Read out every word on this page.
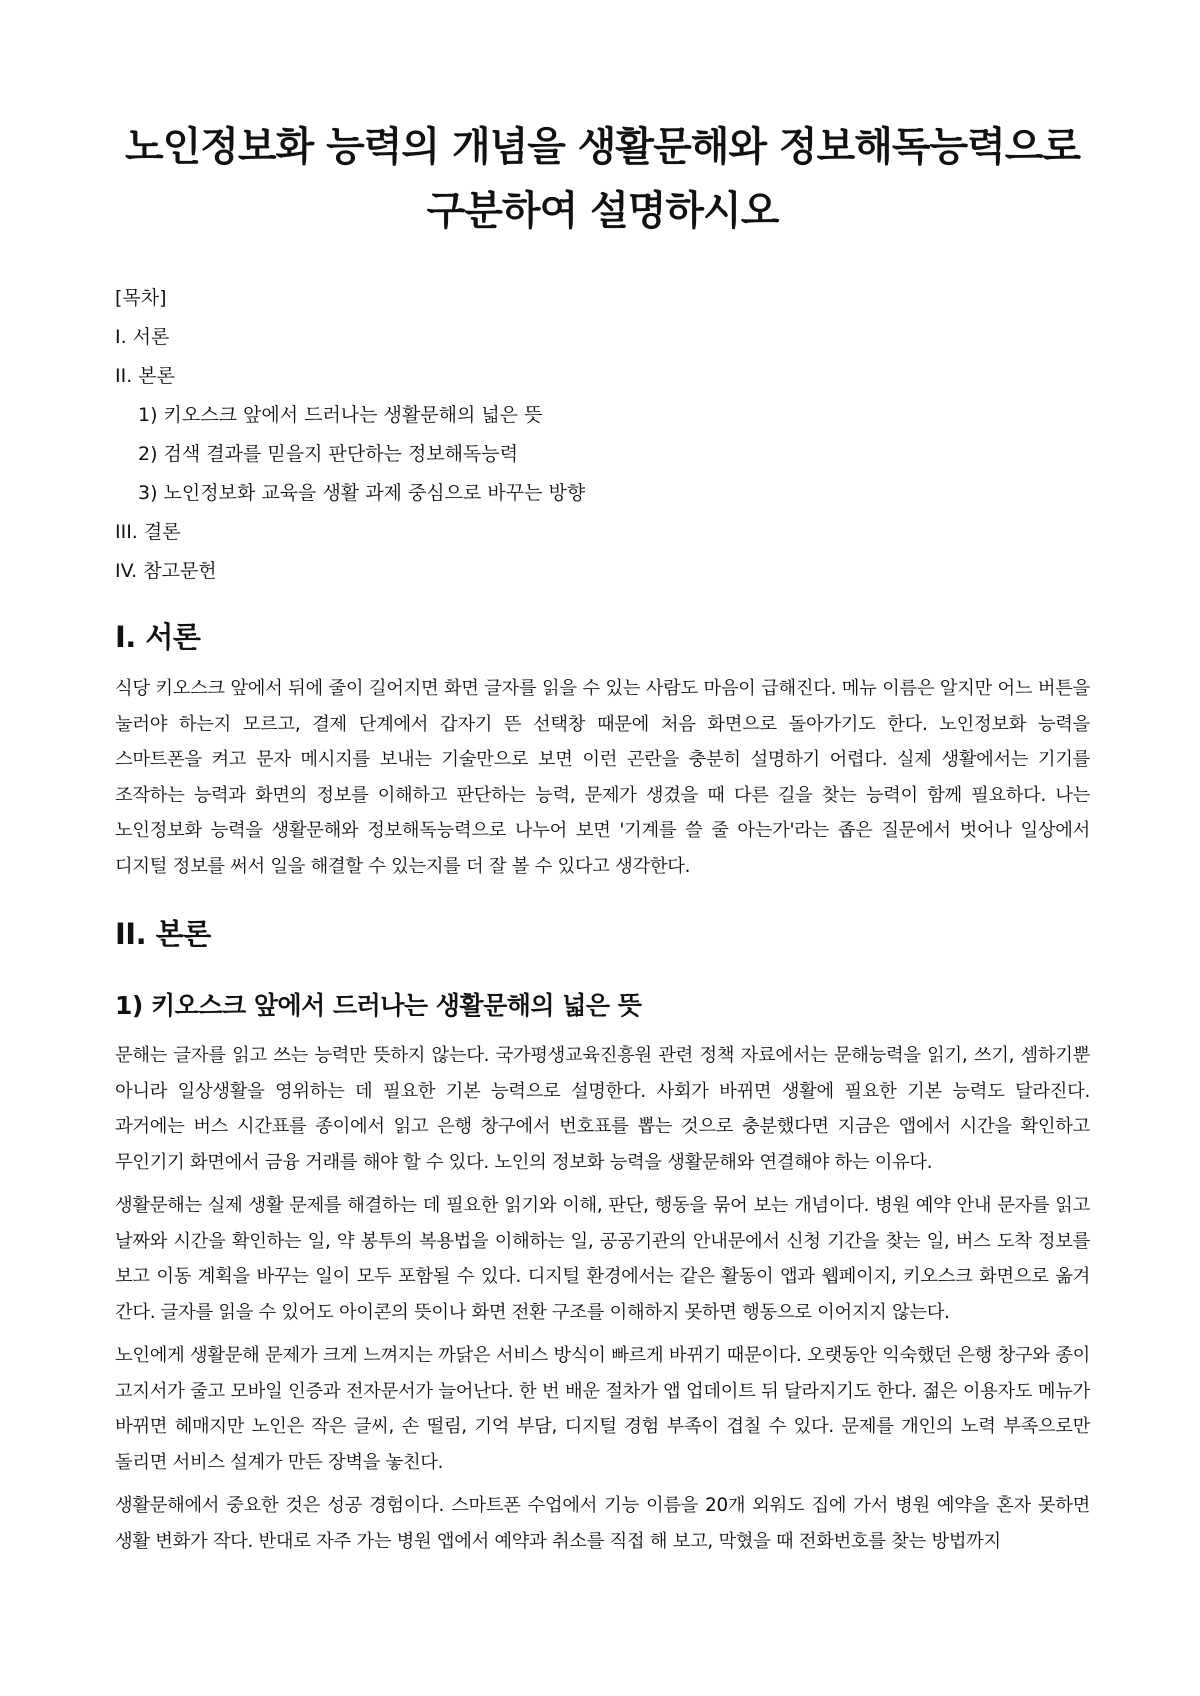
노인정보화 능력의 개념을 생활문해와 정보해독능력으로 구분하여 설명하시오
[목차]
I. 서론
II. 본론
1) 키오스크 앞에서 드러나는 생활문해의 넓은 뜻
2) 검색 결과를 믿을지 판단하는 정보해독능력
3) 노인정보화 교육을 생활 과제 중심으로 바꾸는 방향
III. 결론
IV. 참고문헌
I. 서론

식당 키오스크 앞에서 뒤에 줄이 길어지면 화면 글자를 읽을 수 있는 사람도 마음이 급해진다. 메뉴 이름은 알지만 어느 버튼을 눌러야 하는지 모르고, 결제 단계에서 갑자기 뜬 선택창 때문에 처음 화면으로 돌아가기도 한다. 노인정보화 능력을 스마트폰을 켜고 문자 메시지를 보내는 기술만으로 보면 이런 곤란을 충분히 설명하기 어렵다. 실제 생활에서는 기기를 조작하는 능력과 화면의 정보를 이해하고 판단하는 능력, 문제가 생겼을 때 다른 길을 찾는 능력이 함께 필요하다. 나는 노인정보화 능력을 생활문해와 정보해독능력으로 나누어 보면 '기계를 쓸 줄 아는가'라는 좁은 질문에서 벗어나 일상에서 디지털 정보를 써서 일을 해결할 수 있는지를 더 잘 볼 수 있다고 생각한다.

II. 본론
1) 키오스크 앞에서 드러나는 생활문해의 넓은 뜻

문해는 글자를 읽고 쓰는 능력만 뜻하지 않는다. 국가평생교육진흥원 관련 정책 자료에서는 문해능력을 읽기, 쓰기, 셈하기뿐 아니라 일상생활을 영위하는 데 필요한 기본 능력으로 설명한다. 사회가 바뀌면 생활에 필요한 기본 능력도 달라진다. 과거에는 버스 시간표를 종이에서 읽고 은행 창구에서 번호표를 뽑는 것으로 충분했다면 지금은 앱에서 시간을 확인하고 무인기기 화면에서 금융 거래를 해야 할 수 있다. 노인의 정보화 능력을 생활문해와 연결해야 하는 이유다.

생활문해는 실제 생활 문제를 해결하는 데 필요한 읽기와 이해, 판단, 행동을 묶어 보는 개념이다. 병원 예약 안내 문자를 읽고 날짜와 시간을 확인하는 일, 약 봉투의 복용법을 이해하는 일, 공공기관의 안내문에서 신청 기간을 찾는 일, 버스 도착 정보를 보고 이동 계획을 바꾸는 일이 모두 포함될 수 있다. 디지털 환경에서는 같은 활동이 앱과 웹페이지, 키오스크 화면으로 옮겨 간다. 글자를 읽을 수 있어도 아이콘의 뜻이나 화면 전환 구조를 이해하지 못하면 행동으로 이어지지 않는다.

노인에게 생활문해 문제가 크게 느껴지는 까닭은 서비스 방식이 빠르게 바뀌기 때문이다. 오랫동안 익숙했던 은행 창구와 종이 고지서가 줄고 모바일 인증과 전자문서가 늘어난다. 한 번 배운 절차가 앱 업데이트 뒤 달라지기도 한다. 젊은 이용자도 메뉴가 바뀌면 헤매지만 노인은 작은 글씨, 손 떨림, 기억 부담, 디지털 경험 부족이 겹칠 수 있다. 문제를 개인의 노력 부족으로만 돌리면 서비스 설계가 만든 장벽을 놓친다.

생활문해에서 중요한 것은 성공 경험이다. 스마트폰 수업에서 기능 이름을 20개 외워도 집에 가서 병원 예약을 혼자 못하면 생활 변화가 작다. 반대로 자주 가는 병원 앱에서 예약과 취소를 직접 해 보고, 막혔을 때 전화번호를 찾는 방법까지
